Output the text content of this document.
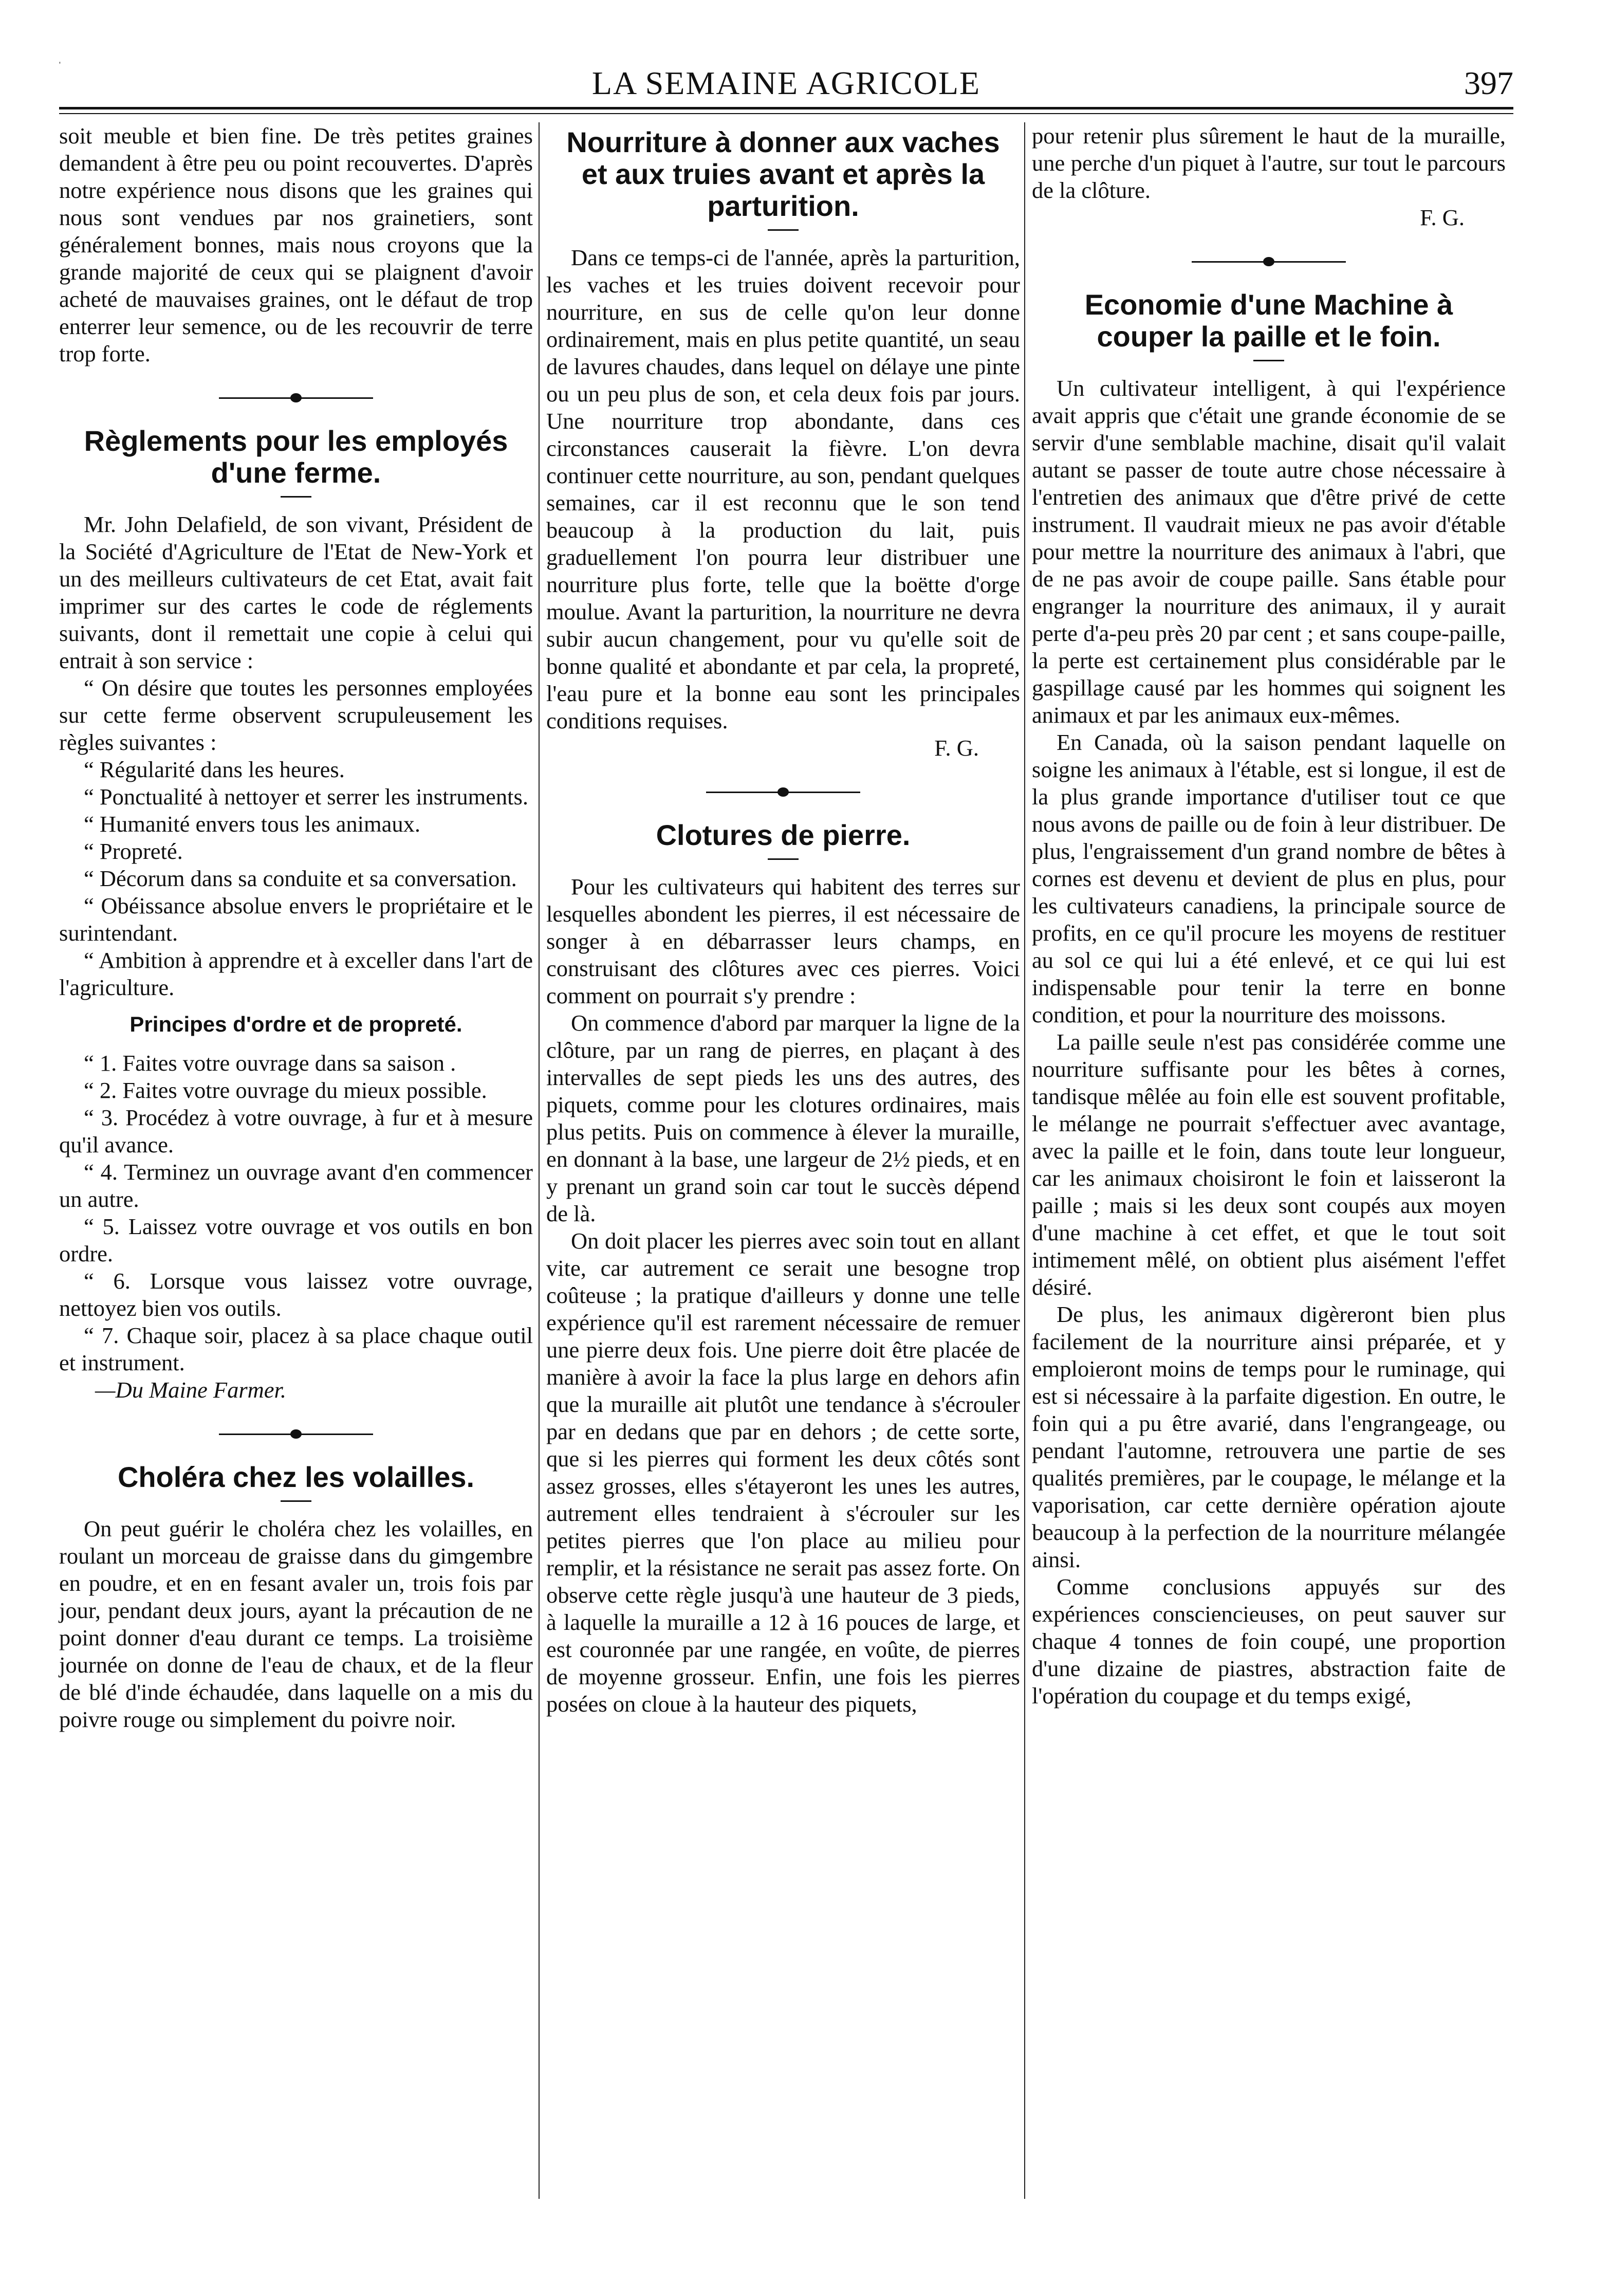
'	LA SEMAINE AGRICOLE	397

soit meuble et bien fine. De très petites graines demandent à être peu ou point recouvertes. D'après notre expérience nous disons que les graines qui nous sont vendues par nos grainetiers, sont généralement bonnes, mais nous croyons que la grande majorité de ceux qui se plaignent d'avoir acheté de mauvaises graines, ont le défaut de trop enterrer leur semence, ou de les recouvrir de terre trop forte.

Règlements pour les employés d'une ferme.

Mr. John Delafield, de son vivant, Président de la Société d'Agriculture de l'Etat de New-York et un des meilleurs cultivateurs de cet Etat, avait fait imprimer sur des cartes le code de réglements suivants, dont il remettait une copie à celui qui entrait à son service :

“ On désire que toutes les personnes employées sur cette ferme observent scrupuleusement les règles suivantes :

“ Régularité dans les heures.

“ Ponctualité à nettoyer et serrer les instruments.

“ Humanité envers tous les animaux.

“ Propreté.

“ Décorum dans sa conduite et sa conversation.

“ Obéissance absolue envers le propriétaire et le surintendant.

“ Ambition à apprendre et à exceller dans l'art de l'agriculture.

Principes d'ordre et de propreté.

“ 1. Faites votre ouvrage dans sa saison .

“ 2. Faites votre ouvrage du mieux possible.

“ 3. Procédez à votre ouvrage, à fur et à mesure qu'il avance.

“ 4. Terminez un ouvrage avant d'en commencer un autre.

“ 5. Laissez votre ouvrage et vos outils en bon ordre.

“ 6. Lorsque vous laissez votre ouvrage, nettoyez bien vos outils.

“ 7. Chaque soir, placez à sa place chaque outil et instrument.

—Du Maine Farmer.

Choléra chez les volailles.

On peut guérir le choléra chez les volailles, en roulant un morceau de graisse dans du gimgembre en poudre, et en en fesant avaler un, trois fois par jour, pendant deux jours, ayant la précaution de ne point donner d'eau durant ce temps. La troisième journée on donne de l'eau de chaux, et de la fleur de blé d'inde échaudée, dans laquelle on a mis du poivre rouge ou simplement du poivre noir.

Nourriture à donner aux vaches et aux truies avant et après la parturition.

Dans ce temps-ci de l'année, après la parturition, les vaches et les truies doivent recevoir pour nourriture, en sus de celle qu'on leur donne ordinairement, mais en plus petite quantité, un seau de lavures chaudes, dans lequel on délaye une pinte ou un peu plus de son, et cela deux fois par jours. Une nourriture trop abondante, dans ces circonstances causerait la fièvre. L'on devra continuer cette nourriture, au son, pendant quelques semaines, car il est reconnu que le son tend beaucoup à la production du lait, puis graduellement l'on pourra leur distribuer une nourriture plus forte, telle que la boëtte d'orge moulue. Avant la parturition, la nourriture ne devra subir aucun changement, pour vu qu'elle soit de bonne qualité et abondante et par cela, la propreté, l'eau pure et la bonne eau sont les principales conditions requises.

F. G.

Clotures de pierre.

Pour les cultivateurs qui habitent des terres sur lesquelles abondent les pierres, il est nécessaire de songer à en débarrasser leurs champs, en construisant des clôtures avec ces pierres. Voici comment on pourrait s'y prendre :

On commence d'abord par marquer la ligne de la clôture, par un rang de pierres, en plaçant à des intervalles de sept pieds les uns des autres, des piquets, comme pour les clotures ordinaires, mais plus petits. Puis on commence à élever la muraille, en donnant à la base, une largeur de 2½ pieds, et en y prenant un grand soin car tout le succès dépend de là.

On doit placer les pierres avec soin tout en allant vite, car autrement ce serait une besogne trop coûteuse ; la pratique d'ailleurs y donne une telle expérience qu'il est rarement nécessaire de remuer une pierre deux fois. Une pierre doit être placée de manière à avoir la face la plus large en dehors afin que la muraille ait plutôt une tendance à s'écrouler par en dedans que par en dehors ; de cette sorte, que si les pierres qui forment les deux côtés sont assez grosses, elles s'étayeront les unes les autres, autrement elles tendraient à s'écrouler sur les petites pierres que l'on place au milieu pour remplir, et la résistance ne serait pas assez forte. On observe cette règle jusqu'à une hauteur de 3 pieds, à laquelle la muraille a 12 à 16 pouces de large, et est couronnée par une rangée, en voûte, de pierres de moyenne grosseur. Enfin, une fois les pierres posées on cloue à la hauteur des piquets,

pour retenir plus sûrement le haut de la muraille, une perche d'un piquet à l'autre, sur tout le parcours de la clôture.

F. G.

Economie d'une Machine à couper la paille et le foin.

Un cultivateur intelligent, à qui l'expérience avait appris que c'était une grande économie de se servir d'une semblable machine, disait qu'il valait autant se passer de toute autre chose nécessaire à l'entretien des animaux que d'être privé de cette instrument. Il vaudrait mieux ne pas avoir d'étable pour mettre la nourriture des animaux à l'abri, que de ne pas avoir de coupe paille. Sans étable pour engranger la nourriture des animaux, il y aurait perte d'a-peu près 20 par cent ; et sans coupe-paille, la perte est certainement plus considérable par le gaspillage causé par les hommes qui soignent les animaux et par les animaux eux-mêmes.

En Canada, où la saison pendant laquelle on soigne les animaux à l'étable, est si longue, il est de la plus grande importance d'utiliser tout ce que nous avons de paille ou de foin à leur distribuer. De plus, l'engraissement d'un grand nombre de bêtes à cornes est devenu et devient de plus en plus, pour les cultivateurs canadiens, la principale source de profits, en ce qu'il procure les moyens de restituer au sol ce qui lui a été enlevé, et ce qui lui est indispensable pour tenir la terre en bonne condition, et pour la nourriture des moissons.

La paille seule n'est pas considérée comme une nourriture suffisante pour les bêtes à cornes, tandisque mêlée au foin elle est souvent profitable, le mélange ne pourrait s'effectuer avec avantage, avec la paille et le foin, dans toute leur longueur, car les animaux choisiront le foin et laisseront la paille ; mais si les deux sont coupés aux moyen d'une machine à cet effet, et que le tout soit intimement mêlé, on obtient plus aisément l'effet désiré.

De plus, les animaux digèreront bien plus facilement de la nourriture ainsi préparée, et y emploieront moins de temps pour le ruminage, qui est si nécessaire à la parfaite digestion. En outre, le foin qui a pu être avarié, dans l'engrangeage, ou pendant l'automne, retrouvera une partie de ses qualités premières, par le coupage, le mélange et la vaporisation, car cette dernière opération ajoute beaucoup à la perfection de la nourriture mélangée ainsi.

Comme conclusions appuyés sur des expériences consciencieuses, on peut sauver sur chaque 4 tonnes de foin coupé, une proportion d'une dizaine de piastres, abstraction faite de l'opération du coupage et du temps exigé,
